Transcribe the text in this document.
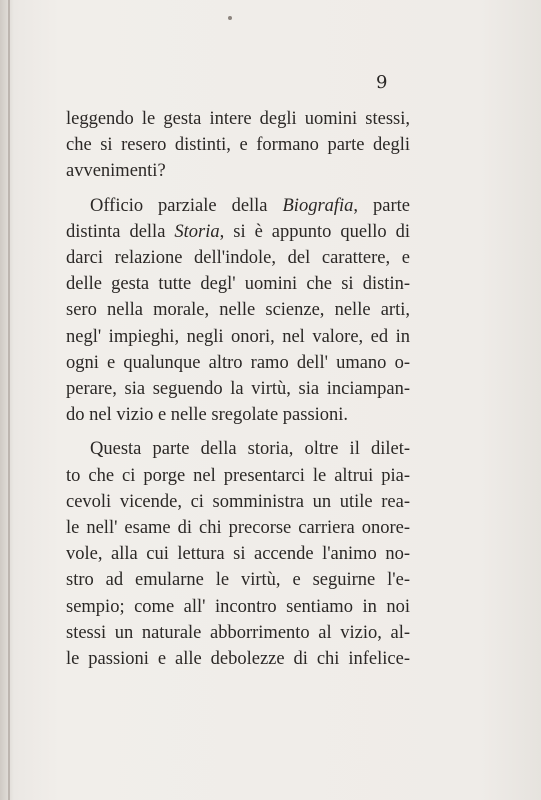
9
leggendo le gesta intere degli uomini stessi,
che si resero distinti, e formano parte degli
avvenimenti?
Officio parziale della Biografia, parte
distinta della Storia, si è appunto quello di
darci relazione dell'indole, del carattere, e
delle gesta tutte degl' uomini che si distin-
sero nella morale, nelle scienze, nelle arti,
negl' impieghi, negli onori, nel valore, ed in
ogni e qualunque altro ramo dell' umano o-
perare, sia seguendo la virtù, sia inciampan-
do nel vizio e nelle sregolate passioni.
Questa parte della storia, oltre il dilet-
to che ci porge nel presentarci le altrui pia-
cevoli vicende, ci somministra un utile rea-
le nell' esame di chi precorse carriera onore-
vole, alla cui lettura si accende l'animo no-
stro ad emularne le virtù, e seguirne l'e-
sempio; come all' incontro sentiamo in noi
stessi un naturale abborrimento al vizio, al-
le passioni e alle debolezze di chi infelice-
